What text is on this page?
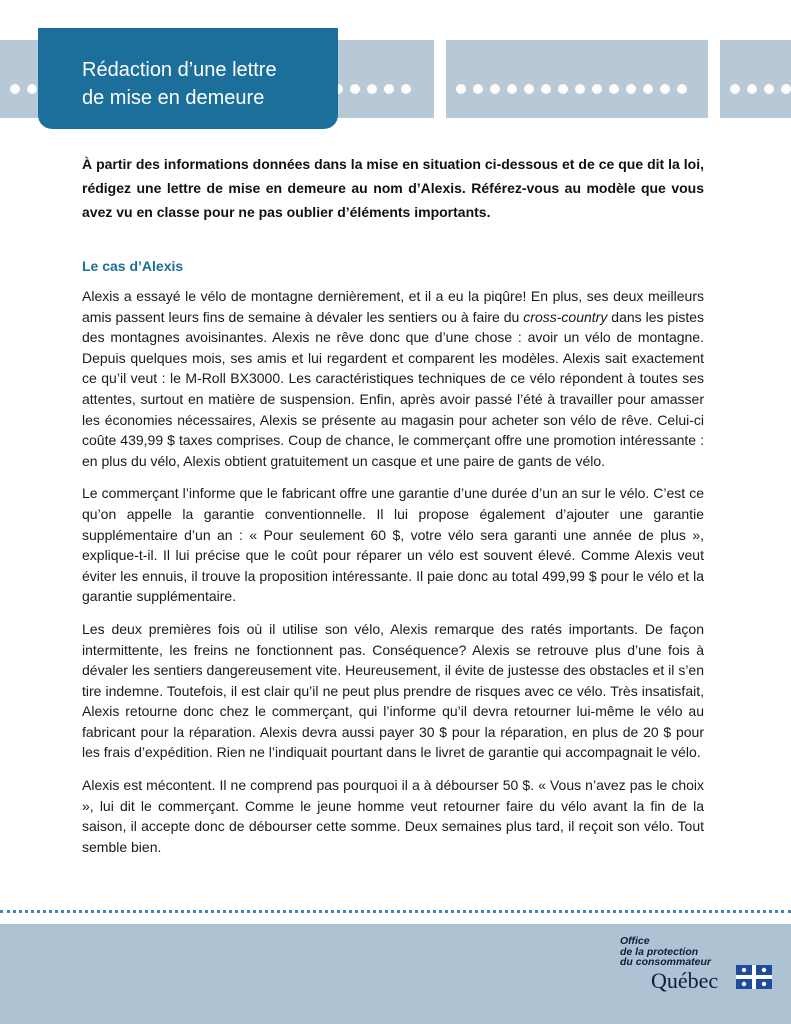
Rédaction d’une lettre
de mise en demeure

À partir des informations données dans la mise en situation ci-dessous et de ce que dit la loi, rédigez une lettre de mise en demeure au nom d’Alexis. Référez-vous au modèle que vous avez vu en classe pour ne pas oublier d’éléments importants.

Le cas d’Alexis

Alexis a essayé le vélo de montagne dernièrement, et il a eu la piqûre! En plus, ses deux meilleurs amis passent leurs fins de semaine à dévaler les sentiers ou à faire du cross-country dans les pistes des montagnes avoisinantes. Alexis ne rêve donc que d’une chose : avoir un vélo de montagne. Depuis quelques mois, ses amis et lui regardent et comparent les modèles. Alexis sait exactement ce qu’il veut : le M-Roll BX3000. Les caractéristiques techniques de ce vélo répondent à toutes ses attentes, surtout en matière de suspension. Enfin, après avoir passé l’été à travailler pour amasser les économies nécessaires, Alexis se présente au magasin pour acheter son vélo de rêve. Celui-ci coûte 439,99 $ taxes comprises. Coup de chance, le commerçant offre une promotion intéressante : en plus du vélo, Alexis obtient gratuitement un casque et une paire de gants de vélo.

Le commerçant l’informe que le fabricant offre une garantie d’une durée d’un an sur le vélo. C’est ce qu’on appelle la garantie conventionnelle. Il lui propose également d’ajouter une garantie supplémentaire d’un an : « Pour seulement 60 $, votre vélo sera garanti une année de plus », explique-t-il. Il lui précise que le coût pour réparer un vélo est souvent élevé. Comme Alexis veut éviter les ennuis, il trouve la proposition intéressante. Il paie donc au total 499,99 $ pour le vélo et la garantie supplémentaire.

Les deux premières fois où il utilise son vélo, Alexis remarque des ratés importants. De façon intermittente, les freins ne fonctionnent pas. Conséquence? Alexis se retrouve plus d’une fois à dévaler les sentiers dangereusement vite. Heureusement, il évite de justesse des obstacles et il s’en tire indemne. Toutefois, il est clair qu’il ne peut plus prendre de risques avec ce vélo. Très insatisfait, Alexis retourne donc chez le commerçant, qui l’informe qu’il devra retourner lui-même le vélo au fabricant pour la réparation. Alexis devra aussi payer 30 $ pour la réparation, en plus de 20 $ pour les frais d’expédition. Rien ne l’indiquait pourtant dans le livret de garantie qui accompagnait le vélo.

Alexis est mécontent. Il ne comprend pas pourquoi il a à débourser 50 $. « Vous n’avez pas le choix », lui dit le commerçant. Comme le jeune homme veut retourner faire du vélo avant la fin de la saison, il accepte donc de débourser cette somme. Deux semaines plus tard, il reçoit son vélo. Tout semble bien.

Office
de la protection
du consommateur
Québec
